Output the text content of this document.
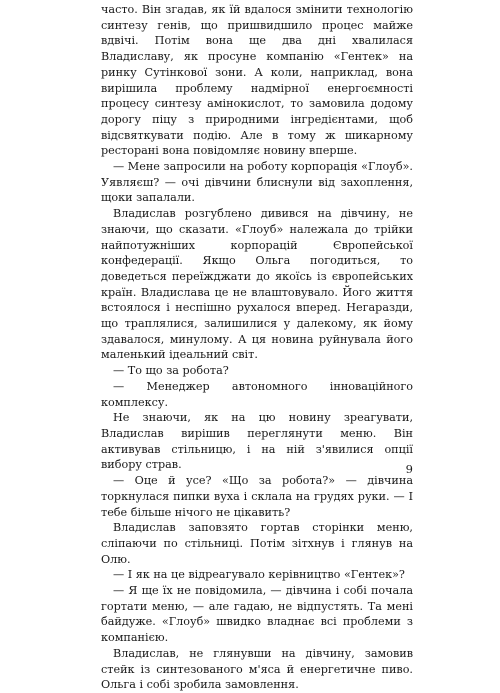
часто. Він згадав, як їй вдалося змінити технологію синтезу генів, що пришвидшило процес майже вдвічі. Потім вона ще два дні хвалилася Владиславу, як просуне компанію «Гентек» на ринку Сутінкової зони. А коли, наприклад, вона вирішила проблему надмірної енергоємності процесу синтезу амінокислот, то замовила додому дорогу піцу з природними інгредієнтами, щоб відсвяткувати подію. Але в тому ж шикарному ресторані вона повідомляє новину вперше.

— Мене запросили на роботу корпорація «Глоуб». Уявляєш? — очі дівчини блиснули від захоплення, щоки запалали.

Владислав розгублено дивився на дівчину, не знаючи, що сказати. «Глоуб» належала до трійки найпотужніших корпорацій Європейської конфедерації. Якщо Ольга погодиться, то доведеться переїжджати до якоїсь із європейських країн. Владислава це не влаштовувало. Його життя встоялося і неспішно рухалося вперед. Негаразди, що траплялися, залишилися у далекому, як йому здавалося, минулому. А ця новина руйнувала його маленький ідеальний світ.

— То що за робота?

— Менеджер автономного інноваційного комплексу.

Не знаючи, як на цю новину зреагувати, Владислав вирішив переглянути меню. Він активував стільницю, і на ній з'явилися опції вибору страв.

— Оце й усе? «Що за робота?» — дівчина торкнулася пипки вуха і склала на грудях руки. — І тебе більше нічого не цікавить?

Владислав заповзято гортав сторінки меню, сліпаючи по стільниці. Потім зітхнув і глянув на Олю.

— І як на це відреагувало керівництво «Гентек»?

— Я ще їх не повідомила, — дівчина і собі почала гортати меню, — але гадаю, не відпустять. Та мені байдуже. «Глоуб» швидко владнає всі проблеми з компанією.

Владислав, не глянувши на дівчину, замовив стейк із синтезованого м'яса й енергетичне пиво. Ольга і собі зробила замовлення.

9
